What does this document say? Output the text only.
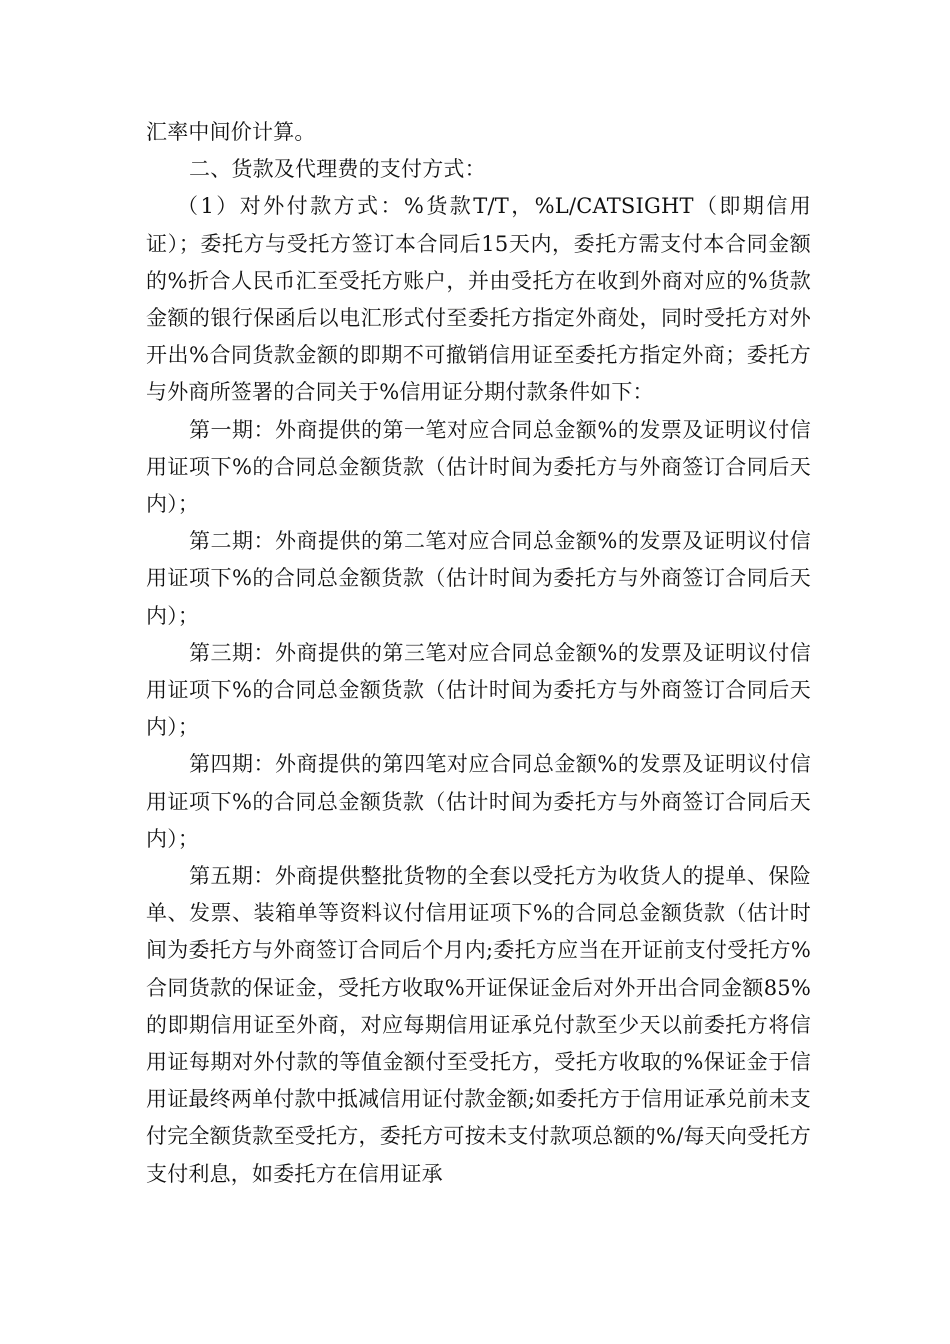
汇率中间价计算。

二、货款及代理费的支付方式：

（1）对外付款方式：%货款T/T，%L/CATSIGHT（即期信用证）；委托方与受托方签订本合同后15天内，委托方需支付本合同金额的%折合人民币汇至受托方账户，并由受托方在收到外商对应的%货款金额的银行保函后以电汇形式付至委托方指定外商处，同时受托方对外开出%合同货款金额的即期不可撤销信用证至委托方指定外商；委托方与外商所签署的合同关于%信用证分期付款条件如下：

第一期：外商提供的第一笔对应合同总金额%的发票及证明议付信用证项下%的合同总金额货款（估计时间为委托方与外商签订合同后天内）；

第二期：外商提供的第二笔对应合同总金额%的发票及证明议付信用证项下%的合同总金额货款（估计时间为委托方与外商签订合同后天内）；

第三期：外商提供的第三笔对应合同总金额%的发票及证明议付信用证项下%的合同总金额货款（估计时间为委托方与外商签订合同后天内）；

第四期：外商提供的第四笔对应合同总金额%的发票及证明议付信用证项下%的合同总金额货款（估计时间为委托方与外商签订合同后天内）；

第五期：外商提供整批货物的全套以受托方为收货人的提单、保险单、发票、装箱单等资料议付信用证项下%的合同总金额货款（估计时间为委托方与外商签订合同后个月内;委托方应当在开证前支付受托方%合同货款的保证金，受托方收取%开证保证金后对外开出合同金额85%的即期信用证至外商，对应每期信用证承兑付款至少天以前委托方将信用证每期对外付款的等值金额付至受托方，受托方收取的%保证金于信用证最终两单付款中抵减信用证付款金额;如委托方于信用证承兑前未支付完全额货款至受托方，委托方可按未支付款项总额的%/每天向受托方支付利息，如委托方在信用证承
